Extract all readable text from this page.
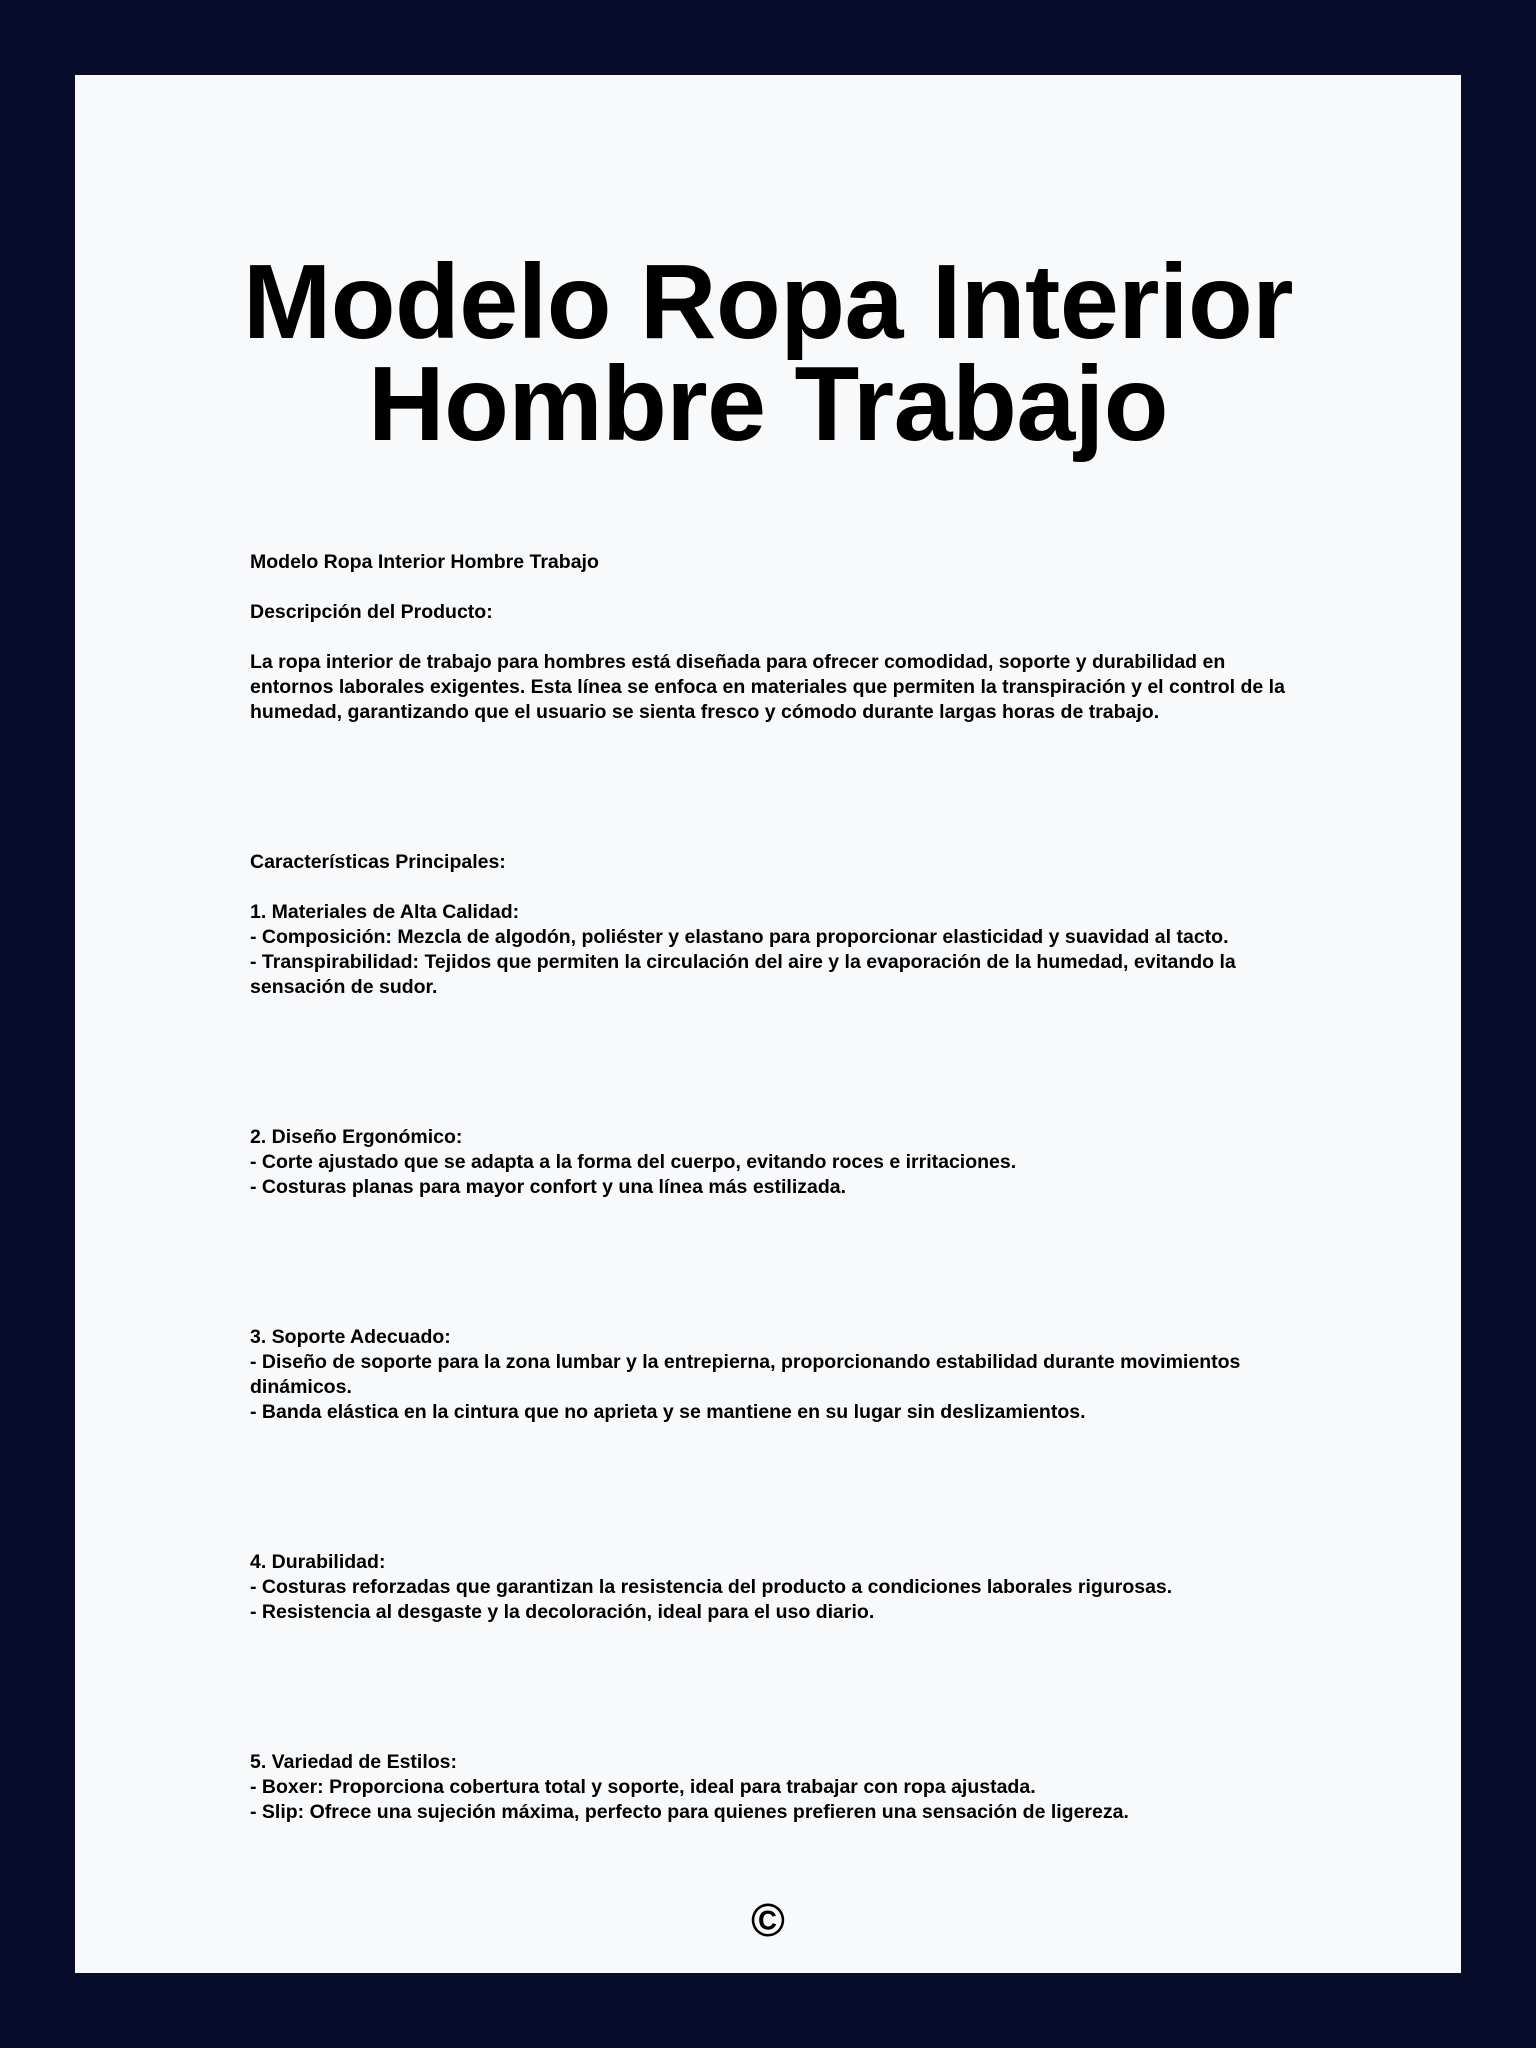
Modelo Ropa Interior Hombre Trabajo

Modelo Ropa Interior Hombre Trabajo

Descripción del Producto:

La ropa interior de trabajo para hombres está diseñada para ofrecer comodidad, soporte y durabilidad en entornos laborales exigentes. Esta línea se enfoca en materiales que permiten la transpiración y el control de la humedad, garantizando que el usuario se sienta fresco y cómodo durante largas horas de trabajo.

Características Principales:

1. Materiales de Alta Calidad:

- Composición: Mezcla de algodón, poliéster y elastano para proporcionar elasticidad y suavidad al tacto.

- Transpirabilidad: Tejidos que permiten la circulación del aire y la evaporación de la humedad, evitando la sensación de sudor.

2. Diseño Ergonómico:

- Corte ajustado que se adapta a la forma del cuerpo, evitando roces e irritaciones.

- Costuras planas para mayor confort y una línea más estilizada.

3. Soporte Adecuado:

- Diseño de soporte para la zona lumbar y la entrepierna, proporcionando estabilidad durante movimientos dinámicos.

- Banda elástica en la cintura que no aprieta y se mantiene en su lugar sin deslizamientos.

4. Durabilidad:

- Costuras reforzadas que garantizan la resistencia del producto a condiciones laborales rigurosas.

- Resistencia al desgaste y la decoloración, ideal para el uso diario.

5. Variedad de Estilos:

- Boxer: Proporciona cobertura total y soporte, ideal para trabajar con ropa ajustada.

- Slip: Ofrece una sujeción máxima, perfecto para quienes prefieren una sensación de ligereza.

©
